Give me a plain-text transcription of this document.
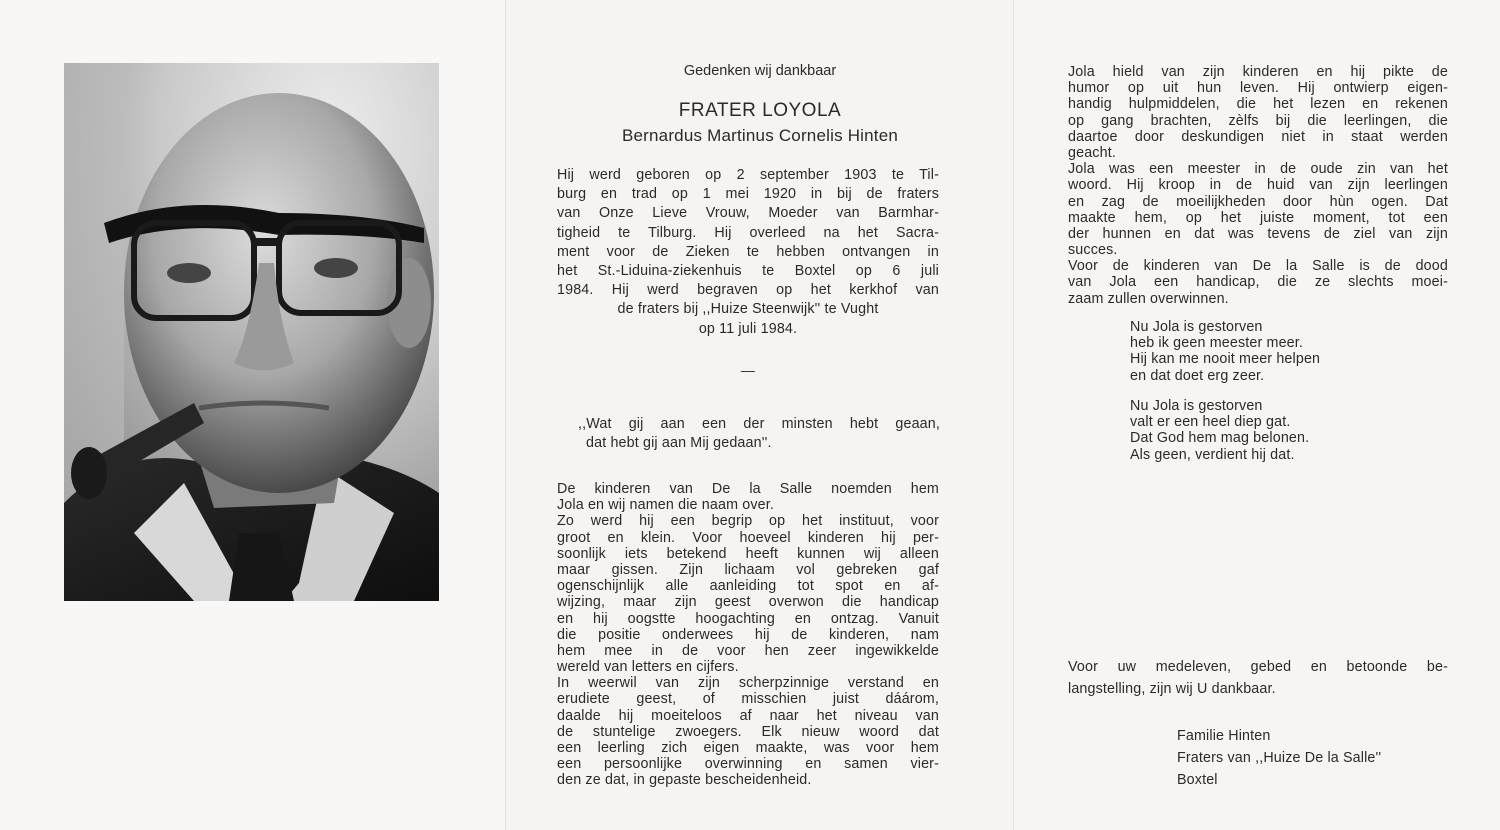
Gedenken wij dankbaar
FRATER LOYOLA
Bernardus Martinus Cornelis Hinten
Hij werd geboren op 2 september 1903 te Til-
burg en trad op 1 mei 1920 in bij de fraters
van Onze Lieve Vrouw, Moeder van Barmhar-
tigheid te Tilburg. Hij overleed na het Sacra-
ment voor de Zieken te hebben ontvangen in
het St.-Liduina-ziekenhuis te Boxtel op 6 juli
1984. Hij werd begraven op het kerkhof van
de fraters bij ,,Huize Steenwijk'' te Vught
op 11 juli 1984.
—
,,Wat gij aan een der minsten hebt geaan,
dat hebt gij aan Mij gedaan''.
De kinderen van De la Salle noemden hem
Jola en wij namen die naam over.
Zo werd hij een begrip op het instituut, voor
groot en klein. Voor hoeveel kinderen hij per-
soonlijk iets betekend heeft kunnen wij alleen
maar gissen. Zijn lichaam vol gebreken gaf
ogenschijnlijk alle aanleiding tot spot en af-
wijzing, maar zijn geest overwon die handicap
en hij oogstte hoogachting en ontzag. Vanuit
die positie onderwees hij de kinderen, nam
hem mee in de voor hen zeer ingewikkelde
wereld van letters en cijfers.
In weerwil van zijn scherpzinnige verstand en
erudiete geest, of misschien juist dáárom,
daalde hij moeiteloos af naar het niveau van
de stuntelige zwoegers. Elk nieuw woord dat
een leerling zich eigen maakte, was voor hem
een persoonlijke overwinning en samen vier-
den ze dat, in gepaste bescheidenheid.
Jola hield van zijn kinderen en hij pikte de
humor op uit hun leven. Hij ontwierp eigen-
handig hulpmiddelen, die het lezen en rekenen
op gang brachten, zèlfs bij die leerlingen, die
daartoe door deskundigen niet in staat werden
geacht.
Jola was een meester in de oude zin van het
woord. Hij kroop in de huid van zijn leerlingen
en zag de moeilijkheden door hùn ogen. Dat
maakte hem, op het juiste moment, tot een
der hunnen en dat was tevens de ziel van zijn
succes.
Voor de kinderen van De la Salle is de dood
van Jola een handicap, die ze slechts moei-
zaam zullen overwinnen.
Nu Jola is gestorven
heb ik geen meester meer.
Hij kan me nooit meer helpen
en dat doet erg zeer.
Nu Jola is gestorven
valt er een heel diep gat.
Dat God hem mag belonen.
Als geen, verdient hij dat.
Voor uw medeleven, gebed en betoonde be-
langstelling, zijn wij U dankbaar.
Familie Hinten
Fraters van ,,Huize De la Salle''
Boxtel
